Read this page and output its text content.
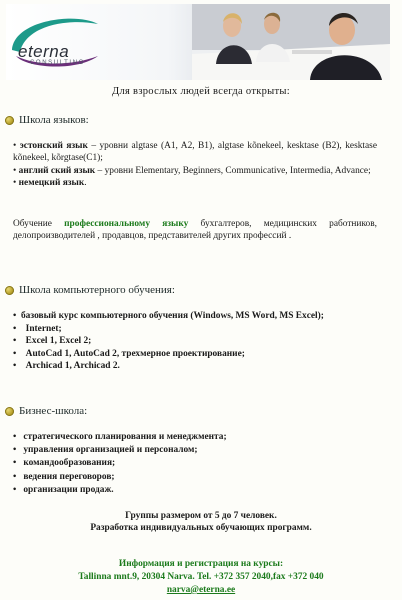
eterna
CONSULTING
Для взрослых людей всегда открыты:
Школа языков:
• эстонский язык – уровни algtase (A1, A2, B1), algtase kõnekeel, kesktase (B2), kesktase kõnekeel, kõrgtase(C1);
• англий ский язык – уровни Elementary, Beginners, Communicative, Intermedia, Advance;
• немецкий язык.
Обучение профессиональному языку бухгалтеров, медицинских работников, делопроизводителей , продавцов, представителей других профессий .
Школа компьютерного обучения:
•  базовый курс компьютерного обучения (Windows, MS Word, MS Excel);
•    Internet;
•    Excel 1, Excel 2;
•    AutoCad 1, AutoCad 2, трехмерное проектирование;
•    Archicad 1, Archicad 2.
Бизнес-школа:
•   стратегического планирования и менеджмента;
•   управления организацией и персоналом;
•   командообразования;
•   ведения переговоров;
•   организации продаж.
Группы размером от 5 до 7 человек.
Разработка индивидуальных обучающих программ.
Информация и регистрация на курсы:
Tallinna mnt.9, 20304 Narva. Tel. +372 357 2040,fax +372 040
narva@eterna.ee
